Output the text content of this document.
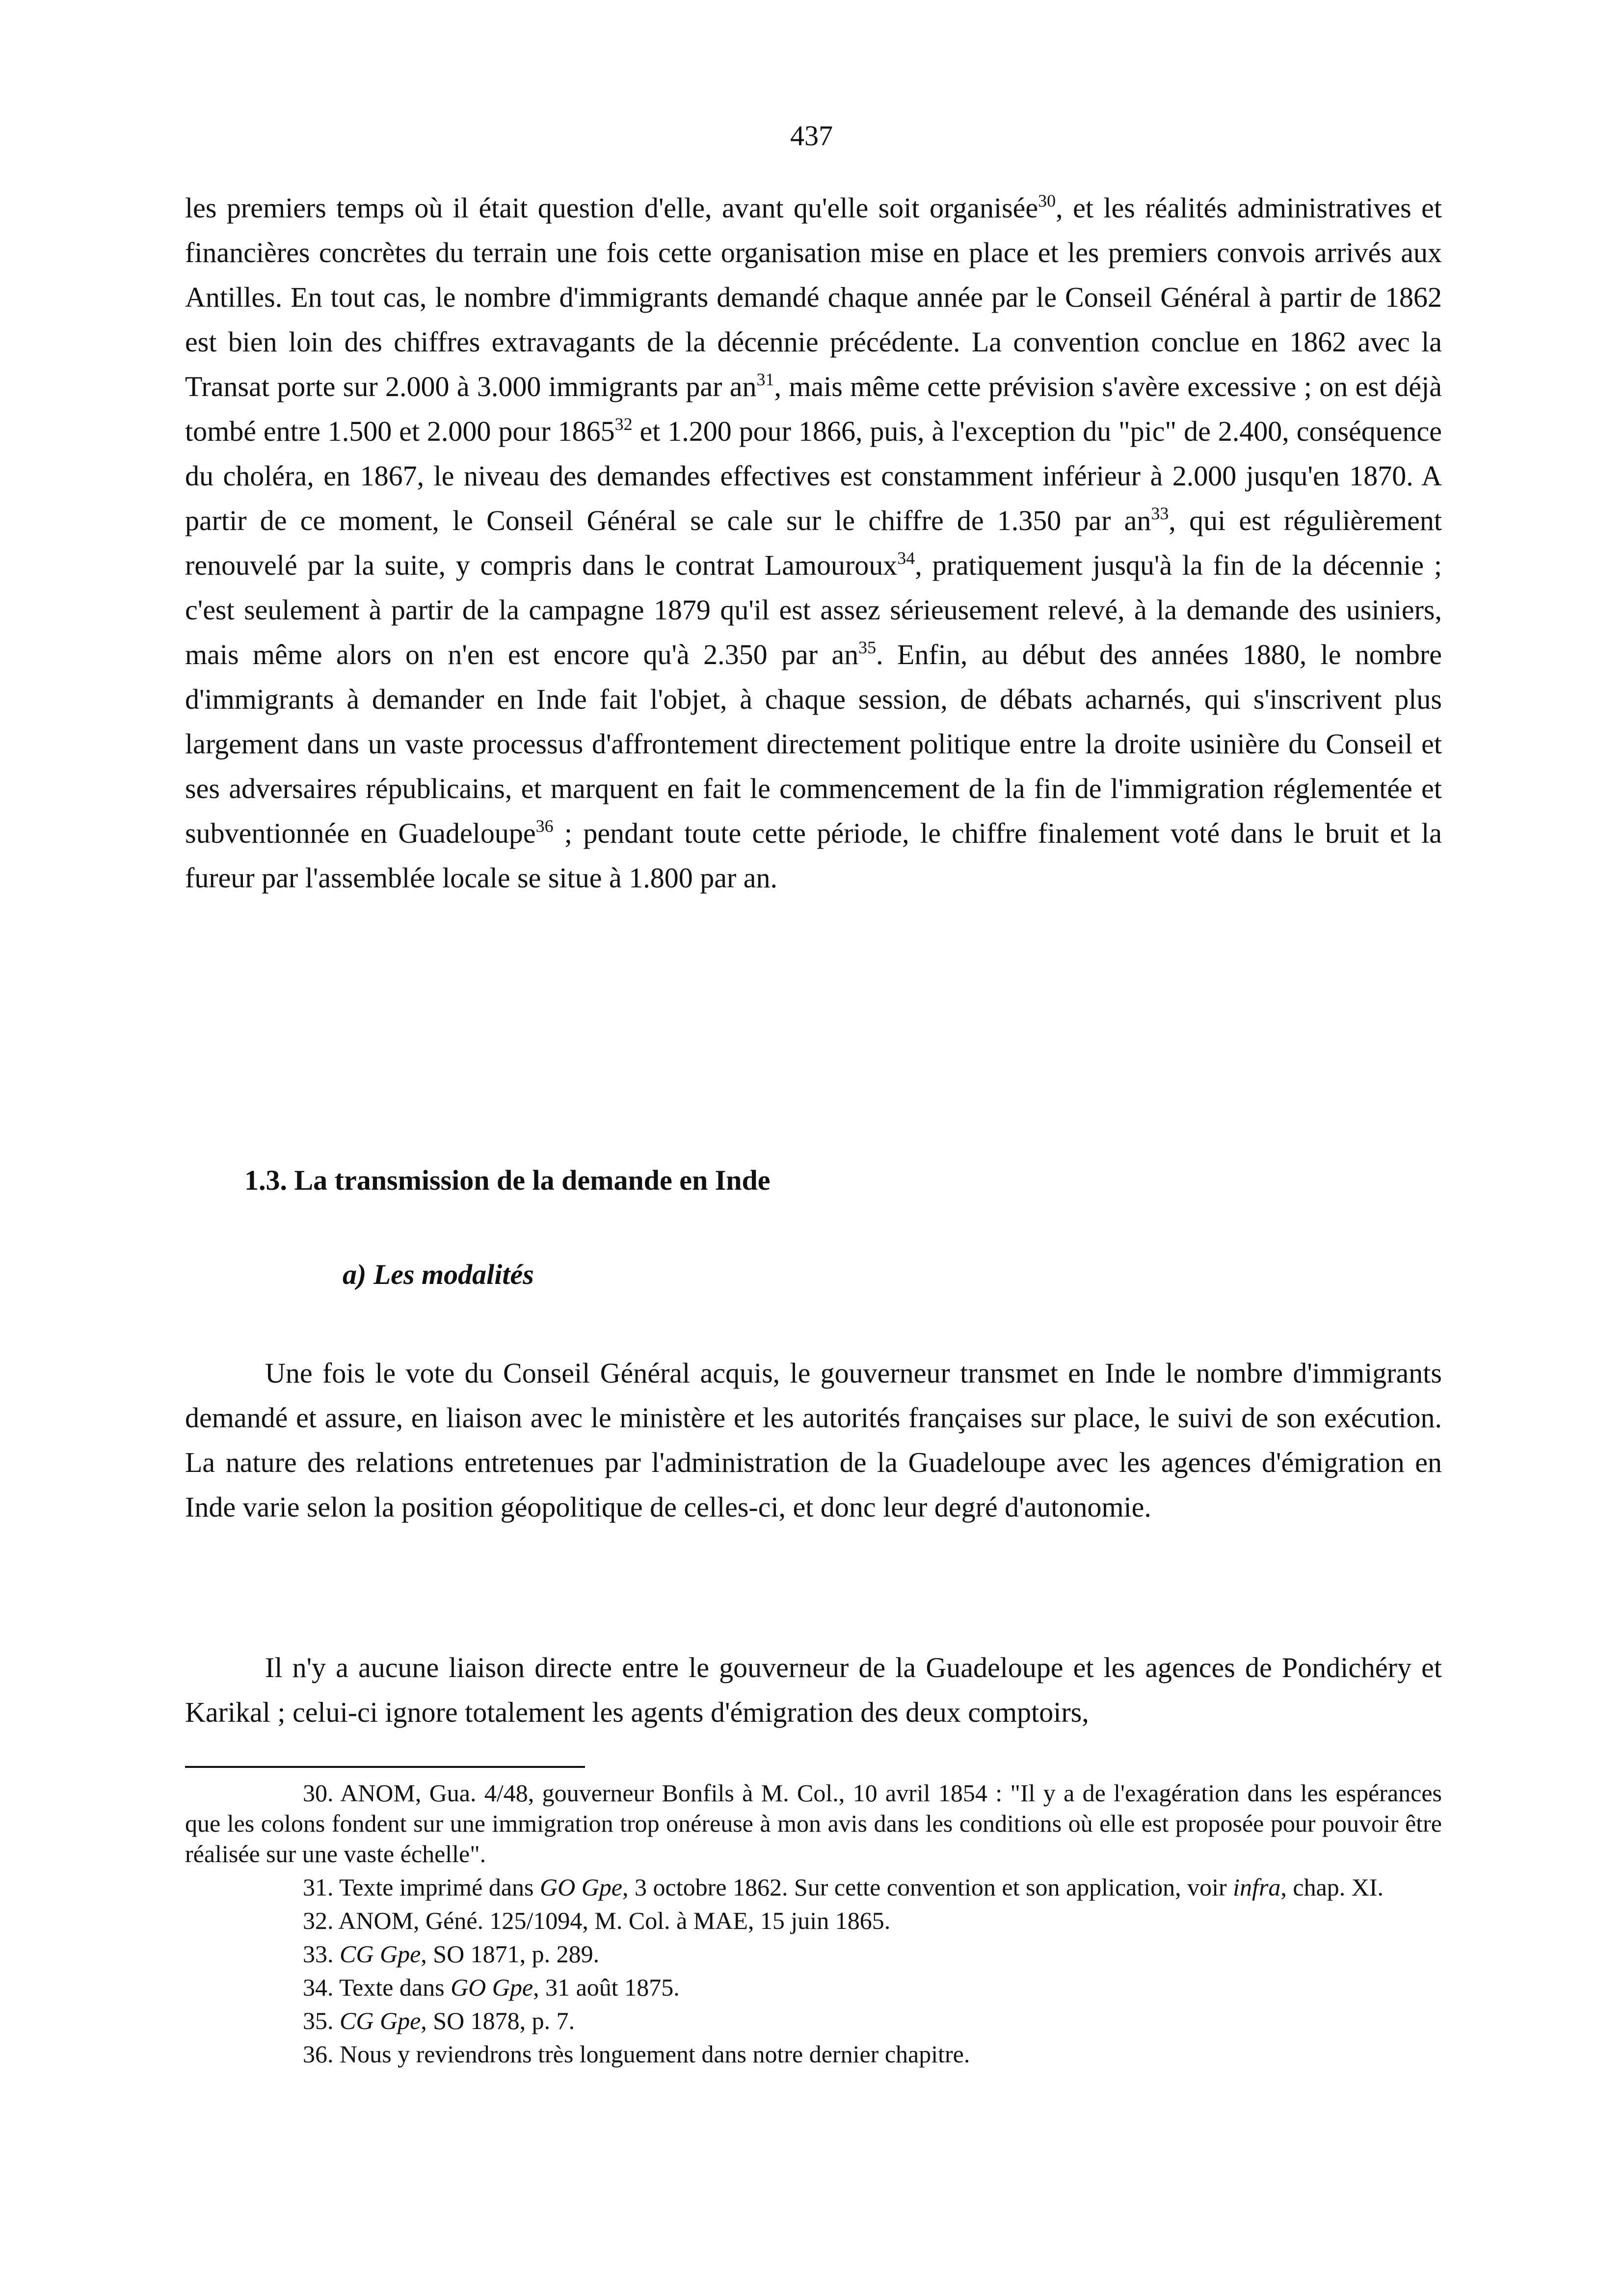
437

les premiers temps où il était question d'elle, avant qu'elle soit organisée$^{30}$, et les réalités administratives et financières concrètes du terrain une fois cette organisation mise en place et les premiers convois arrivés aux Antilles. En tout cas, le nombre d'immigrants demandé chaque année par le Conseil Général à partir de 1862 est bien loin des chiffres extravagants de la décennie précédente. La convention conclue en 1862 avec la Transat porte sur 2.000 à 3.000 immigrants par $an^{31}$, mais même cette prévision s'avère excessive ; on est déjà tombé entre 1.500 et 2.000 pour 1865$^{32}$ et 1.200 pour 1866, puis, à l'exception du "pic" de 2.400, conséquence du choléra, en 1867, le niveau des demandes effectives est constamment inférieur à 2.000 jusqu'en 1870. A partir de ce moment, le Conseil Général se cale sur le chiffre de 1.350 par $an^{33}$, qui est régulièrement renouvelé par la suite, y compris dans le contrat Lamouroux$^{34}$, pratiquement jusqu'à la fin de la décennie ; c'est seulement à partir de la campagne 1879 qu'il est assez sérieusement relevé, à la demande des usiniers, mais même alors on n'en est encore qu'à 2.350 par $an^{35}$. Enfin, au début des années 1880, le nombre d'immigrants à demander en Inde fait l'objet, à chaque session, de débats acharnés, qui s'inscrivent plus largement dans un vaste processus d'affrontement directement politique entre la droite usinière du Conseil et ses adversaires républicains, et marquent en fait le commencement de la fin de l'immigration réglementée et subventionnée en Guadeloupe$^{36}$ ; pendant toute cette période, le chiffre finalement voté dans le bruit et la fureur par l'assemblée locale se situe à 1.800 par an.

1.3. La transmission de la demande en Inde
a) Les modalités

Une fois le vote du Conseil Général acquis, le gouverneur transmet en Inde le nombre d'immigrants demandé et assure, en liaison avec le ministère et les autorités françaises sur place, le suivi de son exécution. La nature des relations entretenues par l'administration de la Guadeloupe avec les agences d'émigration en Inde varie selon la position géopolitique de celles-ci, et donc leur degré d'autonomie.

Il n'y a aucune liaison directe entre le gouverneur de la Guadeloupe et les agences de Pondichéry et Karikal ; celui-ci ignore totalement les agents d'émigration des deux comptoirs,

30. ANOM, Gua. 4/48, gouverneur Bonfils à M. Col., 10 avril 1854 : "Il y a de l'exagération dans les espérances que les colons fondent sur une immigration trop onéreuse à mon avis dans les conditions où elle est proposée pour pouvoir être réalisée sur une vaste échelle".

31. Texte imprimé dans GO Gpe, 3 octobre 1862. Sur cette convention et son application, voir infra, chap. XI.

32. ANOM, Géné. 125/1094, M. Col. à MAE, 15 juin 1865.

33. CG Gpe, SO 1871, p. 289.

34. Texte dans GO Gpe, 31 août 1875.

35. CG Gpe, SO 1878, p. 7.

36. Nous y reviendrons très longuement dans notre dernier chapitre.
